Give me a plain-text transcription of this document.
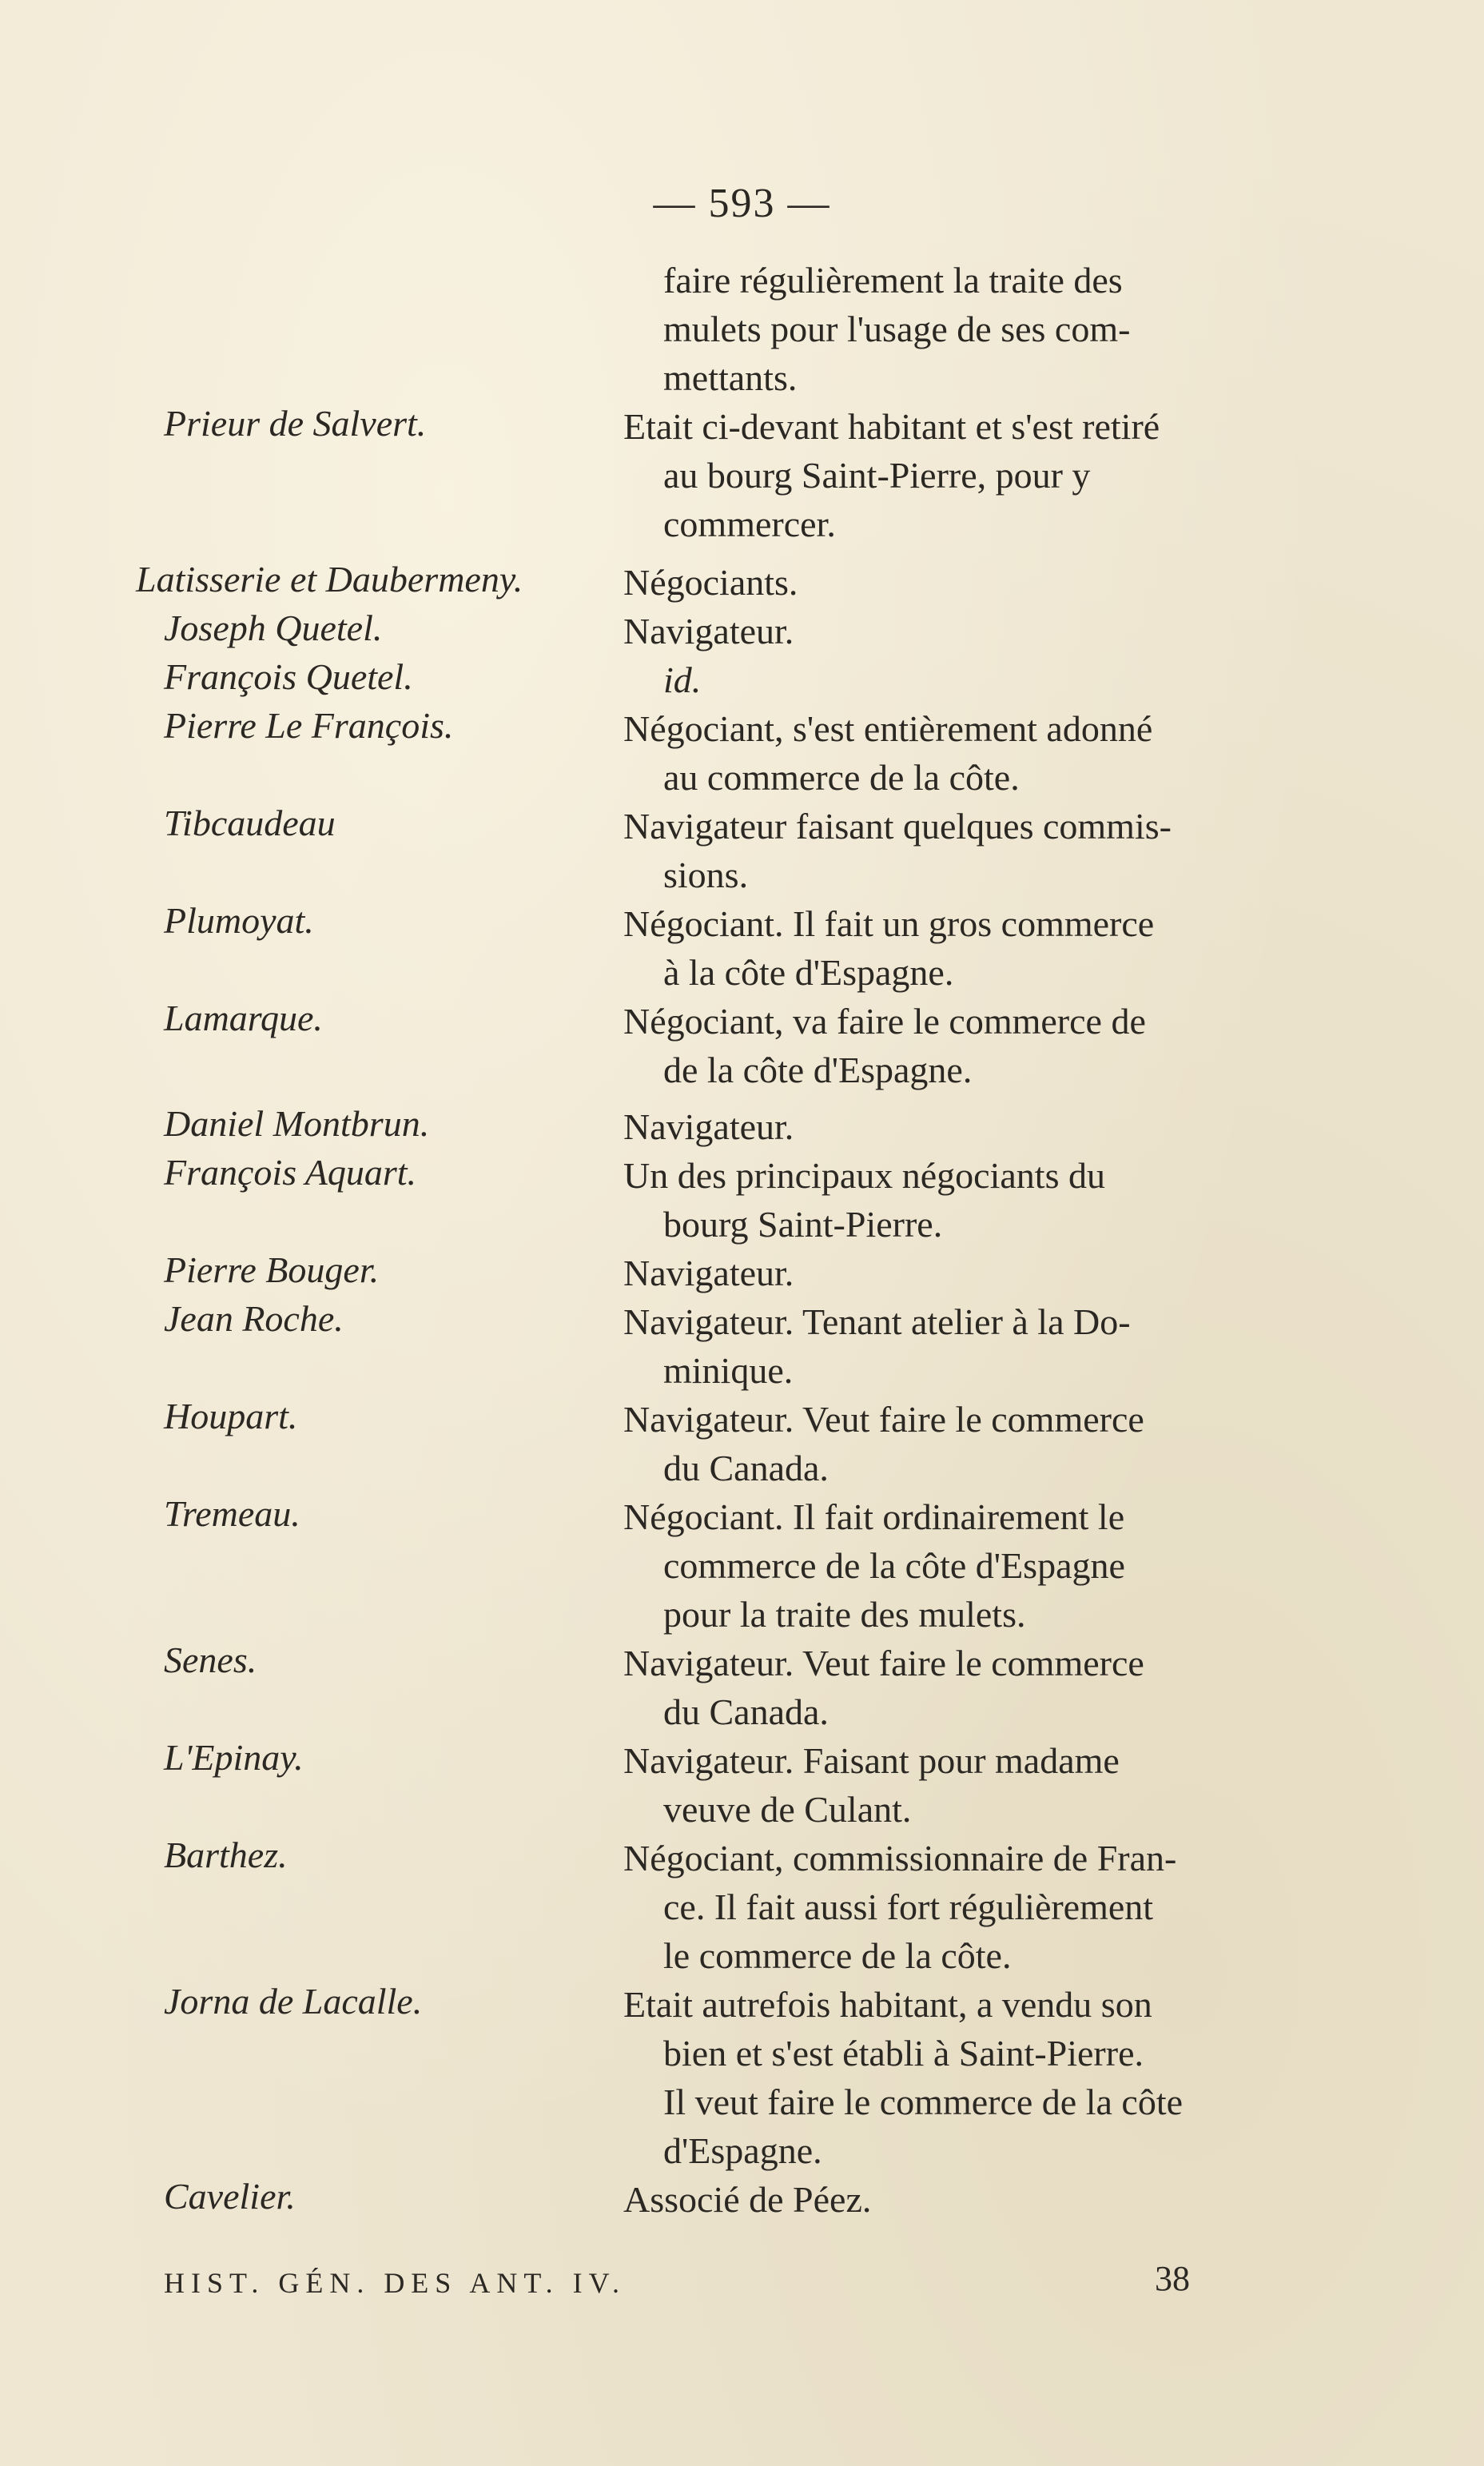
— 593 —
faire régulièrement la traite des
mulets pour l'usage de ses com-
mettants.
Prieur de Salvert.	Etait ci-devant habitant et s'est retiré
au bourg Saint-Pierre, pour y
commercer.
Latisserie et Daubermeny.	Négociants.
Joseph Quetel.	Navigateur.
François Quetel.	id.
Pierre Le François.	Négociant, s'est entièrement adonné
au commerce de la côte.
Tibcaudeau	Navigateur faisant quelques commis-
sions.
Plumoyat.	Négociant. Il fait un gros commerce
à la côte d'Espagne.
Lamarque.	Négociant, va faire le commerce de
de la côte d'Espagne.
Daniel Montbrun.	Navigateur.
François Aquart.	Un des principaux négociants du
bourg Saint-Pierre.
Pierre Bouger.	Navigateur.
Jean Roche.	Navigateur. Tenant atelier à la Do-
minique.
Houpart.	Navigateur. Veut faire le commerce
du Canada.
Tremeau.	Négociant. Il fait ordinairement le
commerce de la côte d'Espagne
pour la traite des mulets.
Senes.	Navigateur. Veut faire le commerce
du Canada.
L'Epinay.	Navigateur. Faisant pour madame
veuve de Culant.
Barthez.	Négociant, commissionnaire de Fran-
ce. Il fait aussi fort régulièrement
le commerce de la côte.
Jorna de Lacalle.	Etait autrefois habitant, a vendu son
bien et s'est établi à Saint-Pierre.
Il veut faire le commerce de la côte
d'Espagne.
Cavelier.	Associé de Péez.
HIST. GÉN. DES ANT. IV.	38
